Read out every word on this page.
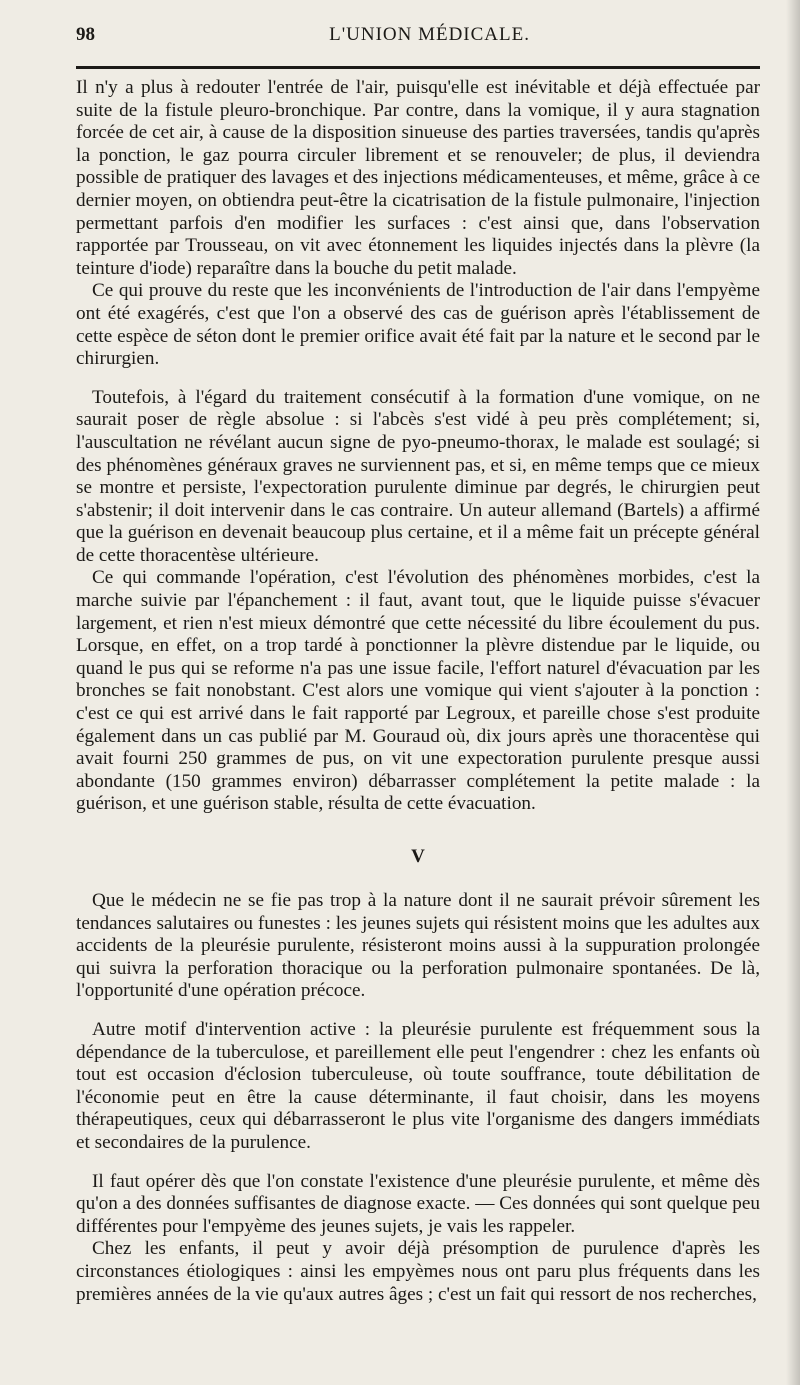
98	L'UNION MÉDICALE.

Il n'y a plus à redouter l'entrée de l'air, puisqu'elle est inévitable et déjà effectuée par suite de la fistule pleuro-bronchique. Par contre, dans la vomique, il y aura stagnation forcée de cet air, à cause de la disposition sinueuse des parties traversées, tandis qu'après la ponction, le gaz pourra circuler librement et se renouveler; de plus, il deviendra possible de pratiquer des lavages et des injections médicamenteuses, et même, grâce à ce dernier moyen, on obtiendra peut-être la cicatrisation de la fistule pulmonaire, l'injection permettant parfois d'en modifier les surfaces : c'est ainsi que, dans l'observation rapportée par Trousseau, on vit avec étonnement les liquides injectés dans la plèvre (la teinture d'iode) reparaître dans la bouche du petit malade.

Ce qui prouve du reste que les inconvénients de l'introduction de l'air dans l'empyème ont été exagérés, c'est que l'on a observé des cas de guérison après l'établissement de cette espèce de séton dont le premier orifice avait été fait par la nature et le second par le chirurgien.

Toutefois, à l'égard du traitement consécutif à la formation d'une vomique, on ne saurait poser de règle absolue : si l'abcès s'est vidé à peu près complétement; si, l'auscultation ne révélant aucun signe de pyo-pneumo-thorax, le malade est soulagé; si des phénomènes généraux graves ne surviennent pas, et si, en même temps que ce mieux se montre et persiste, l'expectoration purulente diminue par degrés, le chirurgien peut s'abstenir; il doit intervenir dans le cas contraire. Un auteur allemand (Bartels) a affirmé que la guérison en devenait beaucoup plus certaine, et il a même fait un précepte général de cette thoracentèse ultérieure.

Ce qui commande l'opération, c'est l'évolution des phénomènes morbides, c'est la marche suivie par l'épanchement : il faut, avant tout, que le liquide puisse s'évacuer largement, et rien n'est mieux démontré que cette nécessité du libre écoulement du pus. Lorsque, en effet, on a trop tardé à ponctionner la plèvre distendue par le liquide, ou quand le pus qui se reforme n'a pas une issue facile, l'effort naturel d'évacuation par les bronches se fait nonobstant. C'est alors une vomique qui vient s'ajouter à la ponction : c'est ce qui est arrivé dans le fait rapporté par Legroux, et pareille chose s'est produite également dans un cas publié par M. Gouraud où, dix jours après une thoracentèse qui avait fourni 250 grammes de pus, on vit une expectoration purulente presque aussi abondante (150 grammes environ) débarrasser complétement la petite malade : la guérison, et une guérison stable, résulta de cette évacuation.

V

Que le médecin ne se fie pas trop à la nature dont il ne saurait prévoir sûrement les tendances salutaires ou funestes : les jeunes sujets qui résistent moins que les adultes aux accidents de la pleurésie purulente, résisteront moins aussi à la suppuration prolongée qui suivra la perforation thoracique ou la perforation pulmonaire spontanées. De là, l'opportunité d'une opération précoce.

Autre motif d'intervention active : la pleurésie purulente est fréquemment sous la dépendance de la tuberculose, et pareillement elle peut l'engendrer : chez les enfants où tout est occasion d'éclosion tuberculeuse, où toute souffrance, toute débilitation de l'économie peut en être la cause déterminante, il faut choisir, dans les moyens thérapeutiques, ceux qui débarrasseront le plus vite l'organisme des dangers immédiats et secondaires de la purulence.

Il faut opérer dès que l'on constate l'existence d'une pleurésie purulente, et même dès qu'on a des données suffisantes de diagnose exacte. — Ces données qui sont quelque peu différentes pour l'empyème des jeunes sujets, je vais les rappeler.

Chez les enfants, il peut y avoir déjà présomption de purulence d'après les circonstances étiologiques : ainsi les empyèmes nous ont paru plus fréquents dans les premières années de la vie qu'aux autres âges ; c'est un fait qui ressort de nos recherches,
